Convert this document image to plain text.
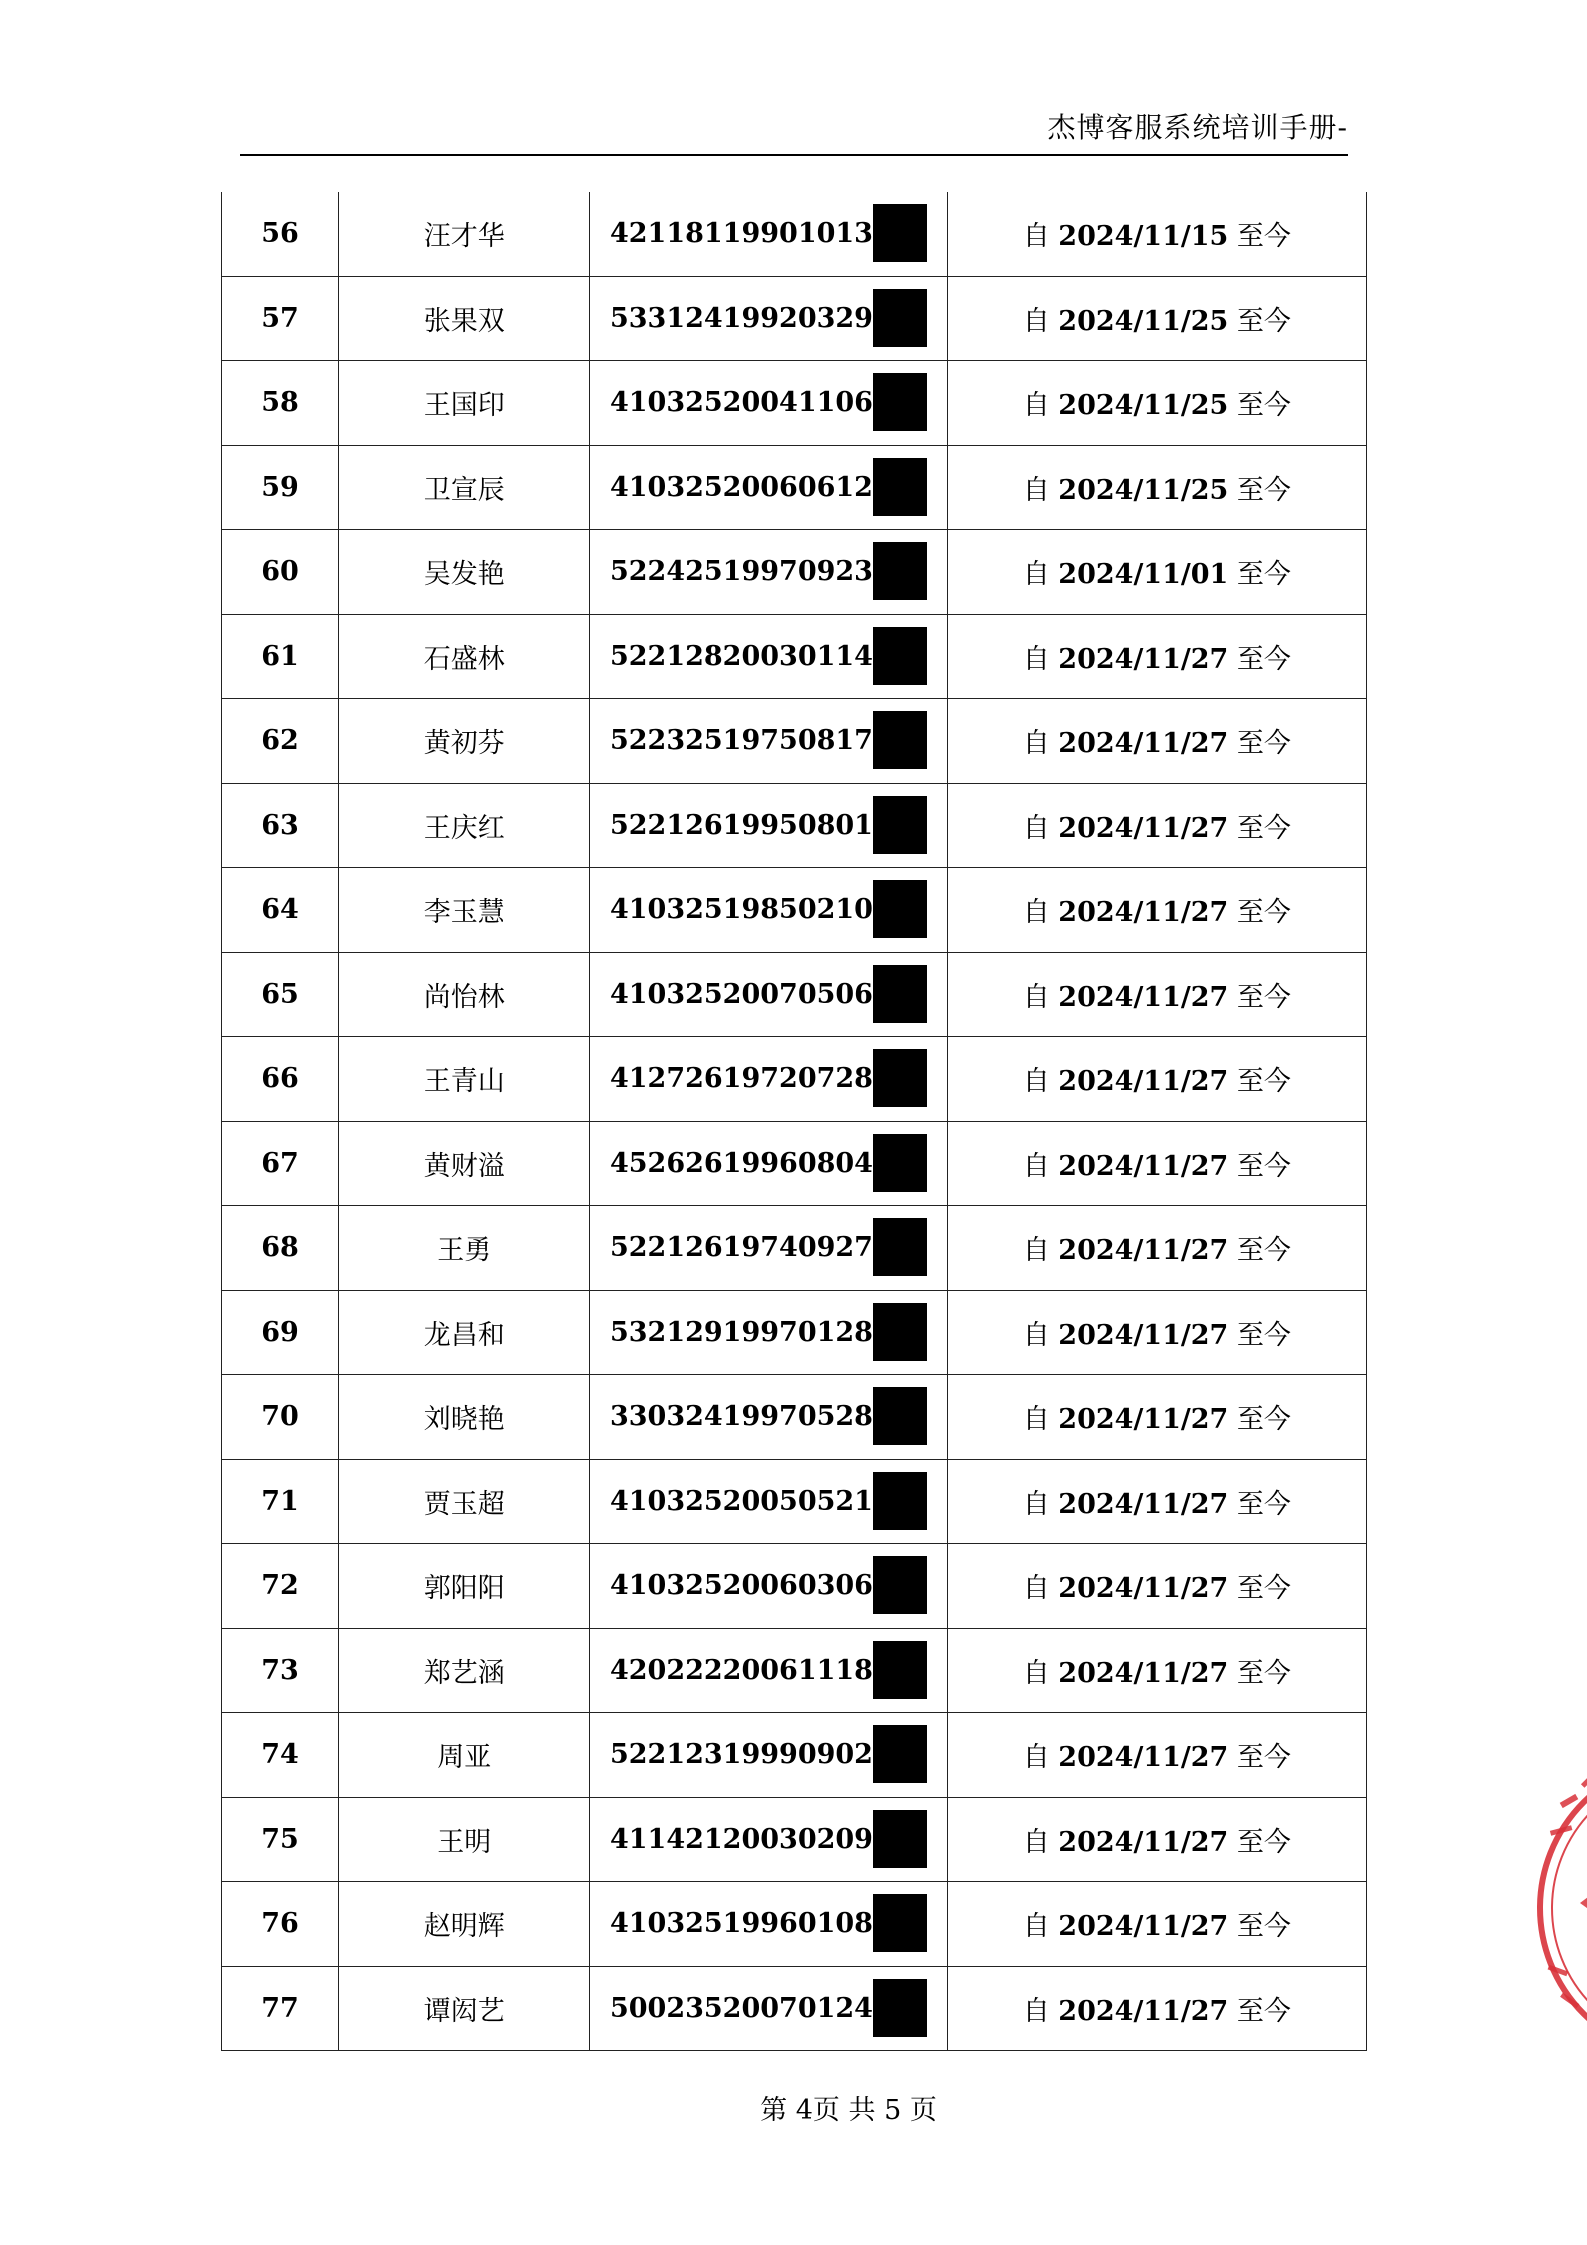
杰博客服系统培训手册-
56	汪才华	42118119901013	自 2024/11/15 至今
57	张果双	53312419920329	自 2024/11/25 至今
58	王国印	41032520041106	自 2024/11/25 至今
59	卫宣辰	41032520060612	自 2024/11/25 至今
60	吴发艳	52242519970923	自 2024/11/01 至今
61	石盛林	52212820030114	自 2024/11/27 至今
62	黄初芬	52232519750817	自 2024/11/27 至今
63	王庆红	52212619950801	自 2024/11/27 至今
64	李玉慧	41032519850210	自 2024/11/27 至今
65	尚怡林	41032520070506	自 2024/11/27 至今
66	王青山	41272619720728	自 2024/11/27 至今
67	黄财溢	45262619960804	自 2024/11/27 至今
68	王勇	52212619740927	自 2024/11/27 至今
69	龙昌和	53212919970128	自 2024/11/27 至今
70	刘晓艳	33032419970528	自 2024/11/27 至今
71	贾玉超	41032520050521	自 2024/11/27 至今
72	郭阳阳	41032520060306	自 2024/11/27 至今
73	郑艺涵	42022220061118	自 2024/11/27 至今
74	周亚	52212319990902	自 2024/11/27 至今
75	王明	41142120030209	自 2024/11/27 至今
76	赵明辉	41032519960108	自 2024/11/27 至今
77	谭闳艺	50023520070124	自 2024/11/27 至今
第 4页 共 5 页
